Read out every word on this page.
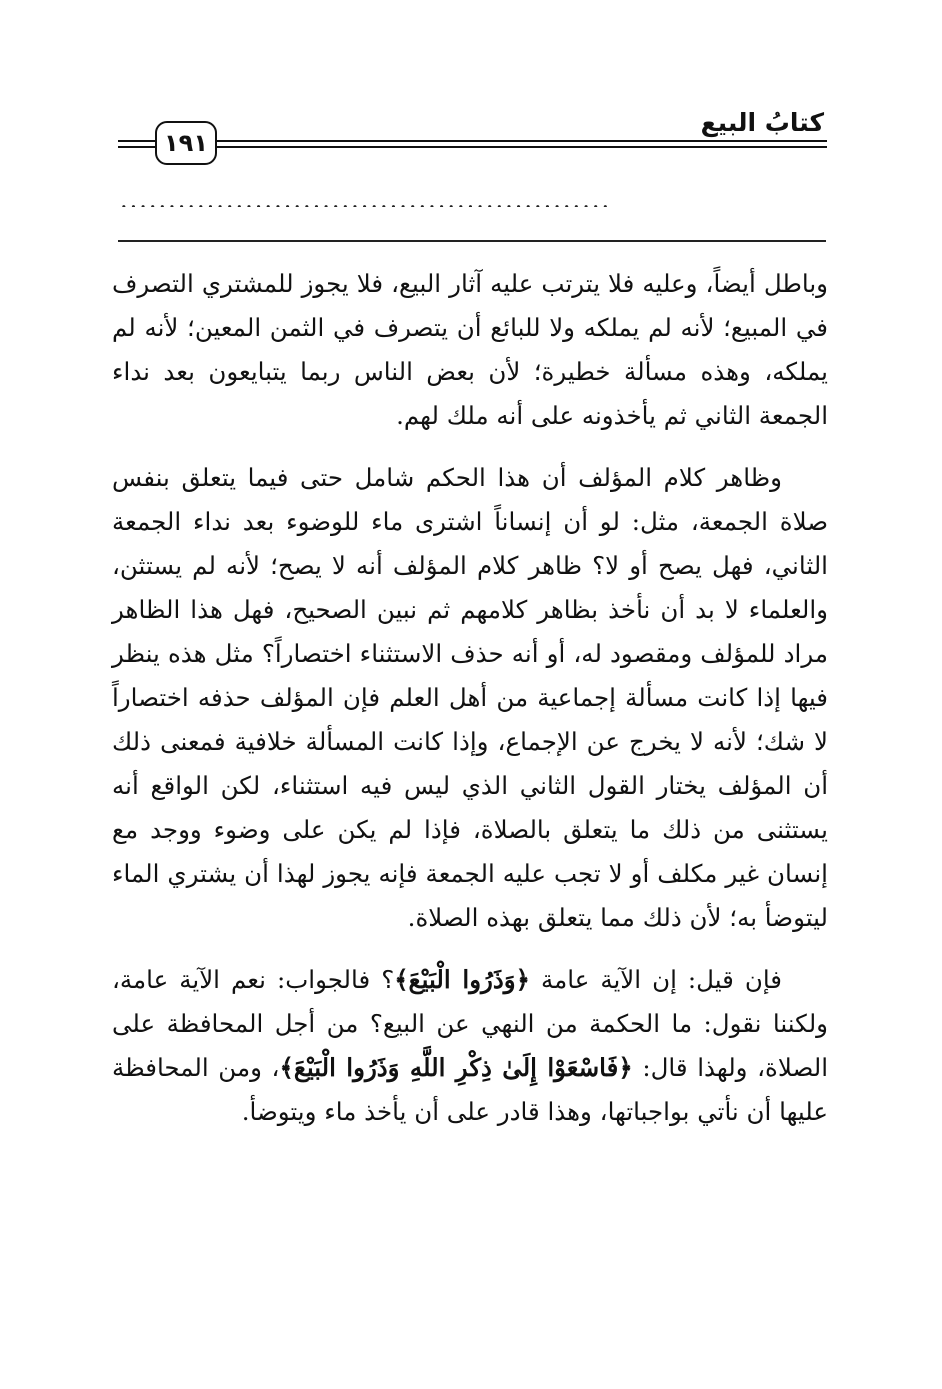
كتابُ البيع
١٩١
...................................................

وباطل أيضاً، وعليه فلا يترتب عليه آثار البيع، فلا يجوز للمشتري التصرف في المبيع؛ لأنه لم يملكه ولا للبائع أن يتصرف في الثمن المعين؛ لأنه لم يملكه، وهذه مسألة خطيرة؛ لأن بعض الناس ربما يتبايعون بعد نداء الجمعة الثاني ثم يأخذونه على أنه ملك لهم.

وظاهر كلام المؤلف أن هذا الحكم شامل حتى فيما يتعلق بنفس صلاة الجمعة، مثل: لو أن إنساناً اشترى ماء للوضوء بعد نداء الجمعة الثاني، فهل يصح أو لا؟ ظاهر كلام المؤلف أنه لا يصح؛ لأنه لم يستثن، والعلماء لا بد أن نأخذ بظاهر كلامهم ثم نبين الصحيح، فهل هذا الظاهر مراد للمؤلف ومقصود له، أو أنه حذف الاستثناء اختصاراً؟ مثل هذه ينظر فيها إذا كانت مسألة إجماعية من أهل العلم فإن المؤلف حذفه اختصاراً لا شك؛ لأنه لا يخرج عن الإجماع، وإذا كانت المسألة خلافية فمعنى ذلك أن المؤلف يختار القول الثاني الذي ليس فيه استثناء، لكن الواقع أنه يستثنى من ذلك ما يتعلق بالصلاة، فإذا لم يكن على وضوء ووجد مع إنسان غير مكلف أو لا تجب عليه الجمعة فإنه يجوز لهذا أن يشتري الماء ليتوضأ به؛ لأن ذلك مما يتعلق بهذه الصلاة.

فإن قيل: إن الآية عامة ﴿وَذَرُوا الْبَيْعَ﴾؟ فالجواب: نعم الآية عامة، ولكننا نقول: ما الحكمة من النهي عن البيع؟ من أجل المحافظة على الصلاة، ولهذا قال: ﴿فَاسْعَوْا إِلَىٰ ذِكْرِ اللَّهِ وَذَرُوا الْبَيْعَ﴾، ومن المحافظة عليها أن نأتي بواجباتها، وهذا قادر على أن يأخذ ماء ويتوضأ.
